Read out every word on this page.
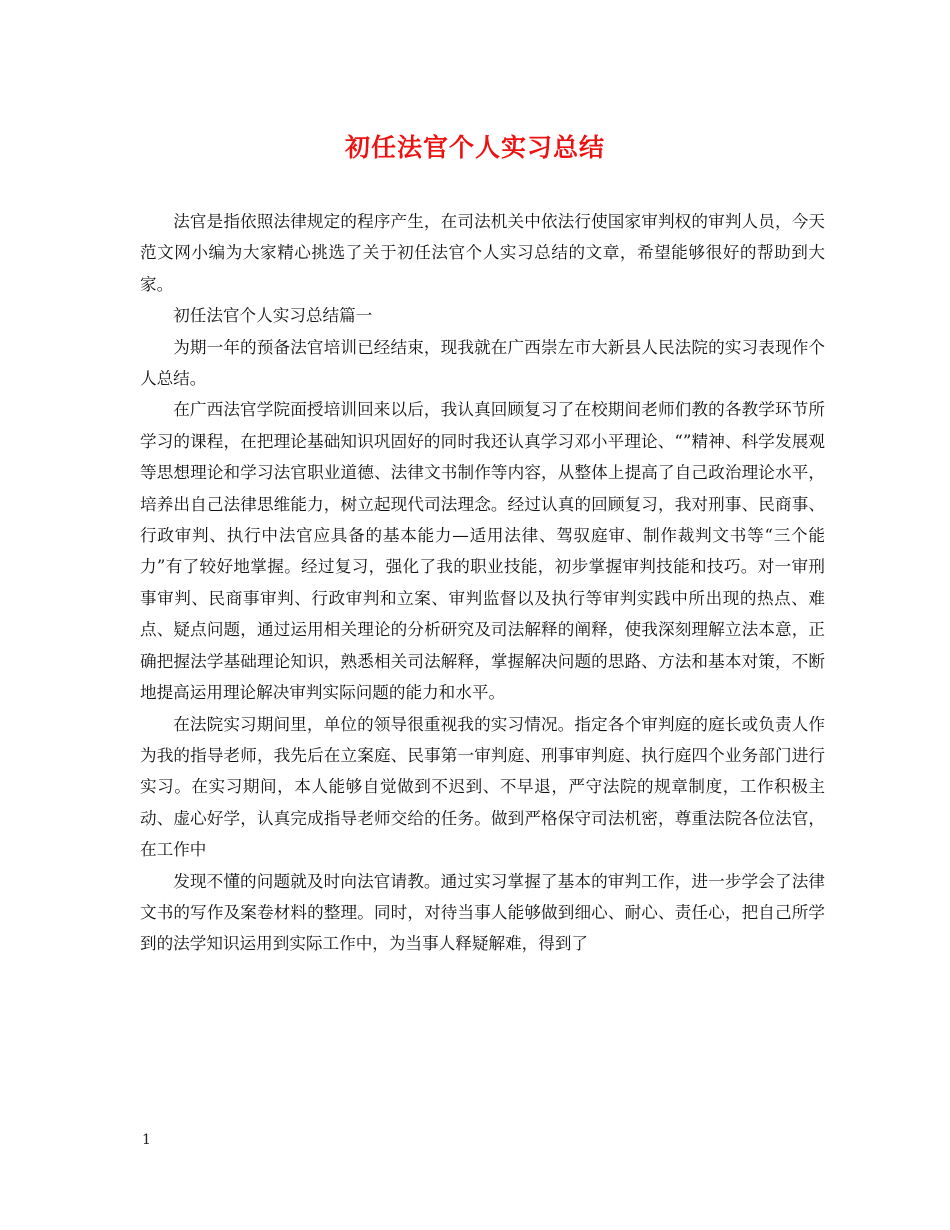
初任法官个人实习总结

法官是指依照法律规定的程序产生，在司法机关中依法行使国家审判权的审判人员，今天范文网小编为大家精心挑选了关于初任法官个人实习总结的文章，希望能够很好的帮助到大家。

初任法官个人实习总结篇一

为期一年的预备法官培训已经结束，现我就在广西崇左市大新县人民法院的实习表现作个人总结。

在广西法官学院面授培训回来以后，我认真回顾复习了在校期间老师们教的各教学环节所学习的课程，在把理论基础知识巩固好的同时我还认真学习邓小平理论、“”精神、科学发展观等思想理论和学习法官职业道德、法律文书制作等内容，从整体上提高了自己政治理论水平，培养出自己法律思维能力，树立起现代司法理念。经过认真的回顾复习，我对刑事、民商事、行政审判、执行中法官应具备的基本能力—适用法律、驾驭庭审、制作裁判文书等“三个能力”有了较好地掌握。经过复习，强化了我的职业技能，初步掌握审判技能和技巧。对一审刑事审判、民商事审判、行政审判和立案、审判监督以及执行等审判实践中所出现的热点、难点、疑点问题，通过运用相关理论的分析研究及司法解释的阐释，使我深刻理解立法本意，正确把握法学基础理论知识，熟悉相关司法解释，掌握解决问题的思路、方法和基本对策，不断地提高运用理论解决审判实际问题的能力和水平。

在法院实习期间里，单位的领导很重视我的实习情况。指定各个审判庭的庭长或负责人作为我的指导老师，我先后在立案庭、民事第一审判庭、刑事审判庭、执行庭四个业务部门进行实习。在实习期间，本人能够自觉做到不迟到、不早退，严守法院的规章制度，工作积极主动、虚心好学，认真完成指导老师交给的任务。做到严格保守司法机密，尊重法院各位法官，在工作中

发现不懂的问题就及时向法官请教。通过实习掌握了基本的审判工作，进一步学会了法律文书的写作及案卷材料的整理。同时，对待当事人能够做到细心、耐心、责任心，把自己所学到的法学知识运用到实际工作中，为当事人释疑解难，得到了

1
